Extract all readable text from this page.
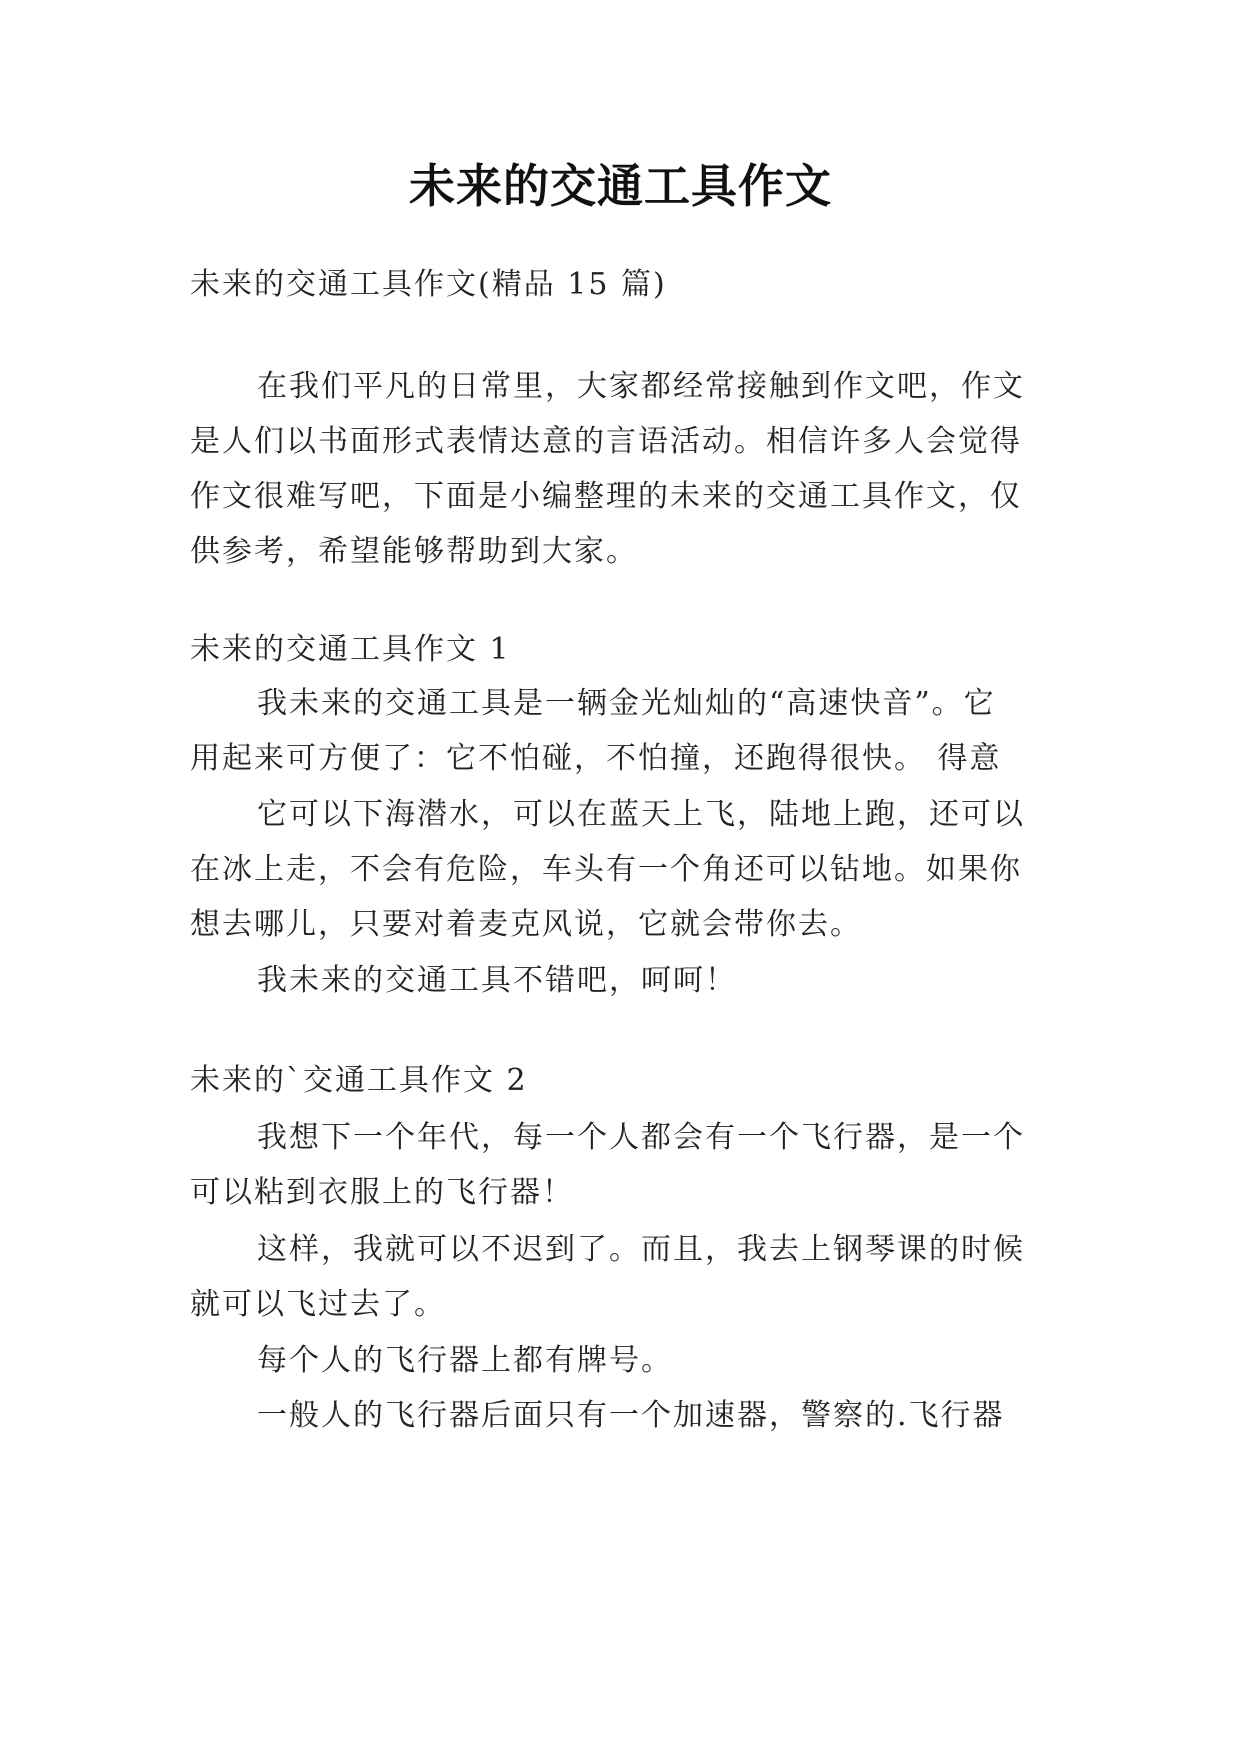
未来的交通工具作文
未来的交通工具作文(精品 15 篇)
在我们平凡的日常里，大家都经常接触到作文吧，作文
是人们以书面形式表情达意的言语活动。相信许多人会觉得
作文很难写吧，下面是小编整理的未来的交通工具作文，仅
供参考，希望能够帮助到大家。
未来的交通工具作文 1
我未来的交通工具是一辆金光灿灿的“高速快音”。它
用起来可方便了：它不怕碰，不怕撞，还跑得很快。 得意
它可以下海潜水，可以在蓝天上飞，陆地上跑，还可以
在冰上走，不会有危险，车头有一个角还可以钻地。如果你
想去哪儿，只要对着麦克风说，它就会带你去。
我未来的交通工具不错吧，呵呵！
未来的`交通工具作文 2
我想下一个年代，每一个人都会有一个飞行器，是一个
可以粘到衣服上的飞行器！
这样，我就可以不迟到了。而且，我去上钢琴课的时候
就可以飞过去了。
每个人的飞行器上都有牌号。
一般人的飞行器后面只有一个加速器，警察的.飞行器
